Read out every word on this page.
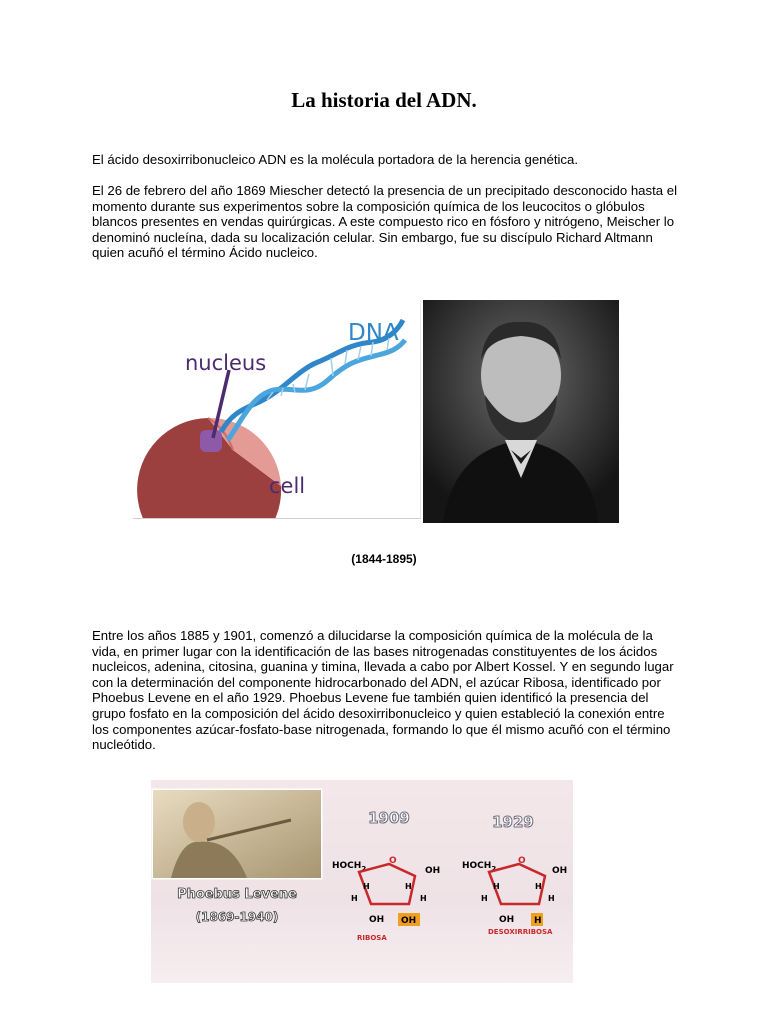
La historia del ADN.
El ácido desoxirribonucleico ADN es la molécula portadora de la herencia genética.
El 26 de febrero del año 1869 Miescher detectó la presencia de un precipitado desconocido hasta el momento durante sus experimentos sobre la composición química de los leucocitos o glóbulos blancos presentes en vendas quirúrgicas. A este compuesto rico en fósforo y nitrógeno, Meischer lo denominó nucleína, dada su localización celular. Sin embargo, fue su discípulo Richard Altmann quien acuñó el término Ácido nucleico.
DNA
nucleus
cell
(1844-1895)
Entre los años 1885 y 1901, comenzó a dilucidarse la composición química de la molécula de la vida, en primer lugar con la identificación de las bases nitrogenadas constituyentes de los ácidos nucleicos, adenina, citosina, guanina y timina, llevada a cabo por Albert Kossel. Y en segundo lugar con la determinación del componente hidrocarbonado del ADN, el azúcar Ribosa, identificado por Phoebus Levene en el año 1929. Phoebus Levene fue también quien identificó la presencia del grupo fosfato en la composición del ácido desoxirribonucleico y quien estableció la conexión entre los componentes azúcar-fosfato-base nitrogenada, formando lo que él mismo acuñó con el término nucleótido.
Phoebus Levene
(1869-1940)
1909	1929
$HOCH_2$
O
OH
H	H
H	H
OH OH
RIBOSA
$HOCH_2$
O
OH
H	H
H	H
OH H
DESOXIRRIBOSA
